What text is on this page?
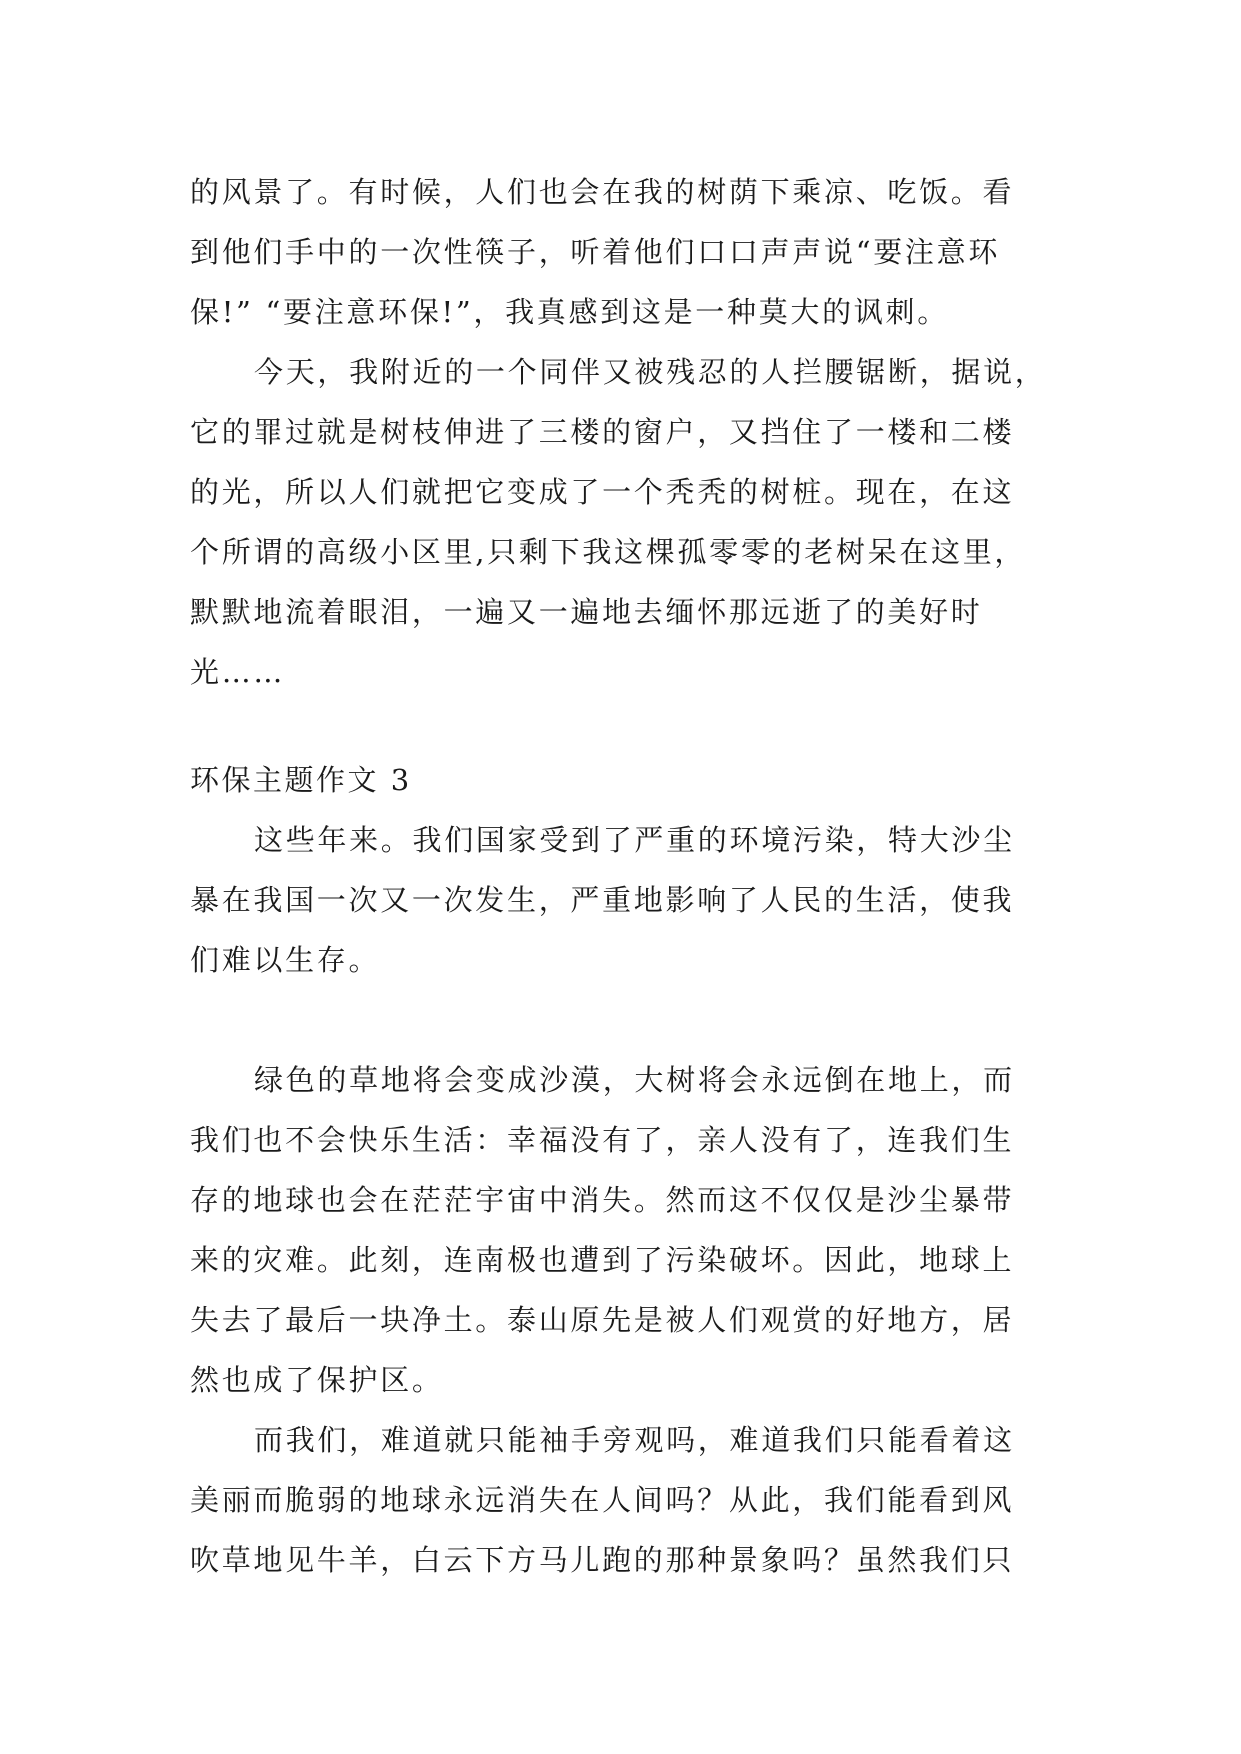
的风景了。有时候，人们也会在我的树荫下乘凉、吃饭。看
到他们手中的一次性筷子，听着他们口口声声说“要注意环
保!” “要注意环保!”，我真感到这是一种莫大的讽刺。
今天，我附近的一个同伴又被残忍的人拦腰锯断，据说，
它的罪过就是树枝伸进了三楼的窗户，又挡住了一楼和二楼
的光，所以人们就把它变成了一个秃秃的树桩。现在，在这
个所谓的高级小区里,只剩下我这棵孤零零的老树呆在这里，
默默地流着眼泪，一遍又一遍地去缅怀那远逝了的美好时
光……
环保主题作文 3
这些年来。我们国家受到了严重的环境污染，特大沙尘
暴在我国一次又一次发生，严重地影响了人民的生活，使我
们难以生存。
绿色的草地将会变成沙漠，大树将会永远倒在地上，而
我们也不会快乐生活：幸福没有了，亲人没有了，连我们生
存的地球也会在茫茫宇宙中消失。然而这不仅仅是沙尘暴带
来的灾难。此刻，连南极也遭到了污染破坏。因此，地球上
失去了最后一块净土。泰山原先是被人们观赏的好地方，居
然也成了保护区。
而我们，难道就只能袖手旁观吗，难道我们只能看着这
美丽而脆弱的地球永远消失在人间吗？从此，我们能看到风
吹草地见牛羊，白云下方马儿跑的那种景象吗？虽然我们只
